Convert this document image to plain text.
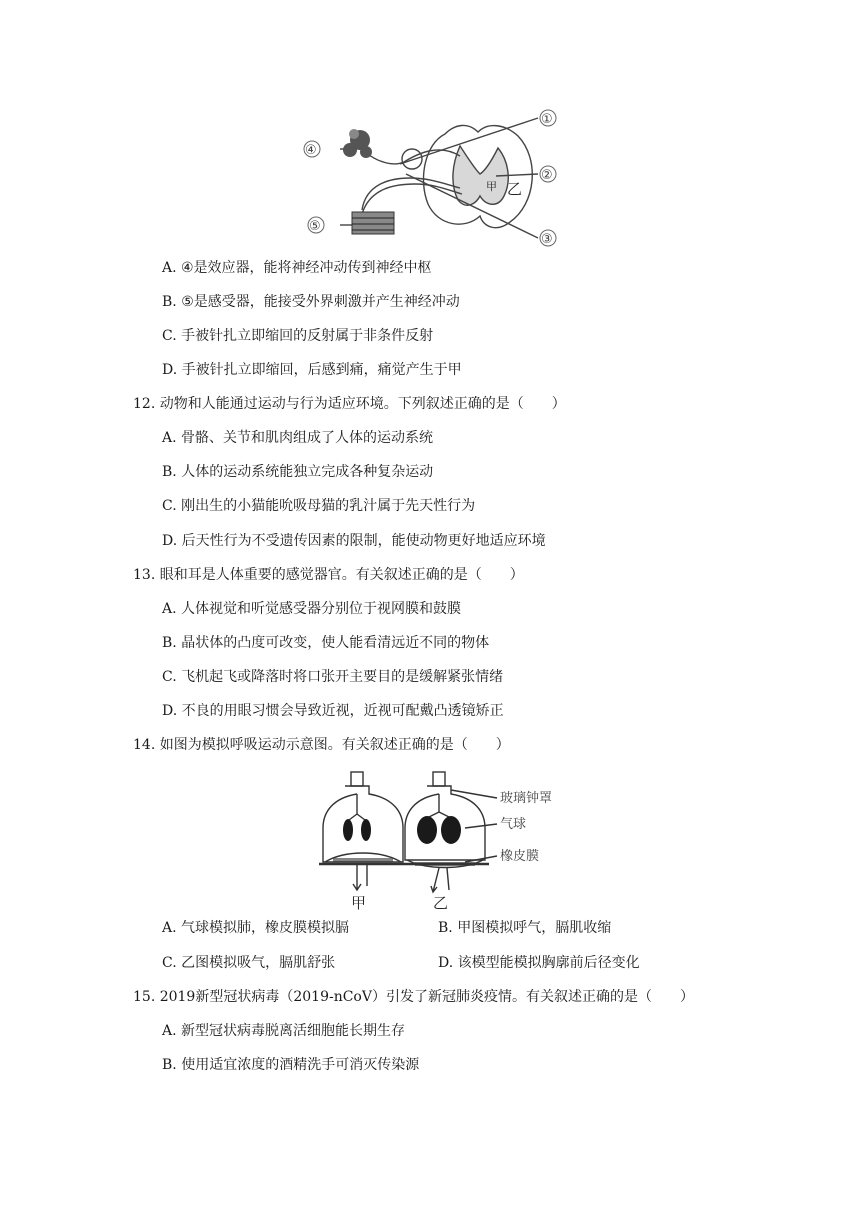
①
②
③
④
⑤
乙
甲
A. ④是效应器，能将神经冲动传到神经中枢
B. ⑤是感受器，能接受外界刺激并产生神经冲动
C. 手被针扎立即缩回的反射属于非条件反射
D. 手被针扎立即缩回，后感到痛，痛觉产生于甲
12. 动物和人能通过运动与行为适应环境。下列叙述正确的是（　　）
A. 骨骼、关节和肌肉组成了人体的运动系统
B. 人体的运动系统能独立完成各种复杂运动
C. 刚出生的小猫能吮吸母猫的乳汁属于先天性行为
D. 后天性行为不受遗传因素的限制，能使动物更好地适应环境
13. 眼和耳是人体重要的感觉器官。有关叙述正确的是（　　）
A. 人体视觉和听觉感受器分别位于视网膜和鼓膜
B. 晶状体的凸度可改变，使人能看清远近不同的物体
C. 飞机起飞或降落时将口张开主要目的是缓解紧张情绪
D. 不良的用眼习惯会导致近视，近视可配戴凸透镜矫正
14. 如图为模拟呼吸运动示意图。有关叙述正确的是（　　）
玻璃钟罩
气球
橡皮膜
甲	乙
A. 气球模拟肺，橡皮膜模拟膈	B. 甲图模拟呼气，膈肌收缩
C. 乙图模拟吸气，膈肌舒张	D. 该模型能模拟胸廓前后径变化
15. 2019新型冠状病毒（2019-nCoV）引发了新冠肺炎疫情。有关叙述正确的是（　　）
A. 新型冠状病毒脱离活细胞能长期生存
B. 使用适宜浓度的酒精洗手可消灭传染源
